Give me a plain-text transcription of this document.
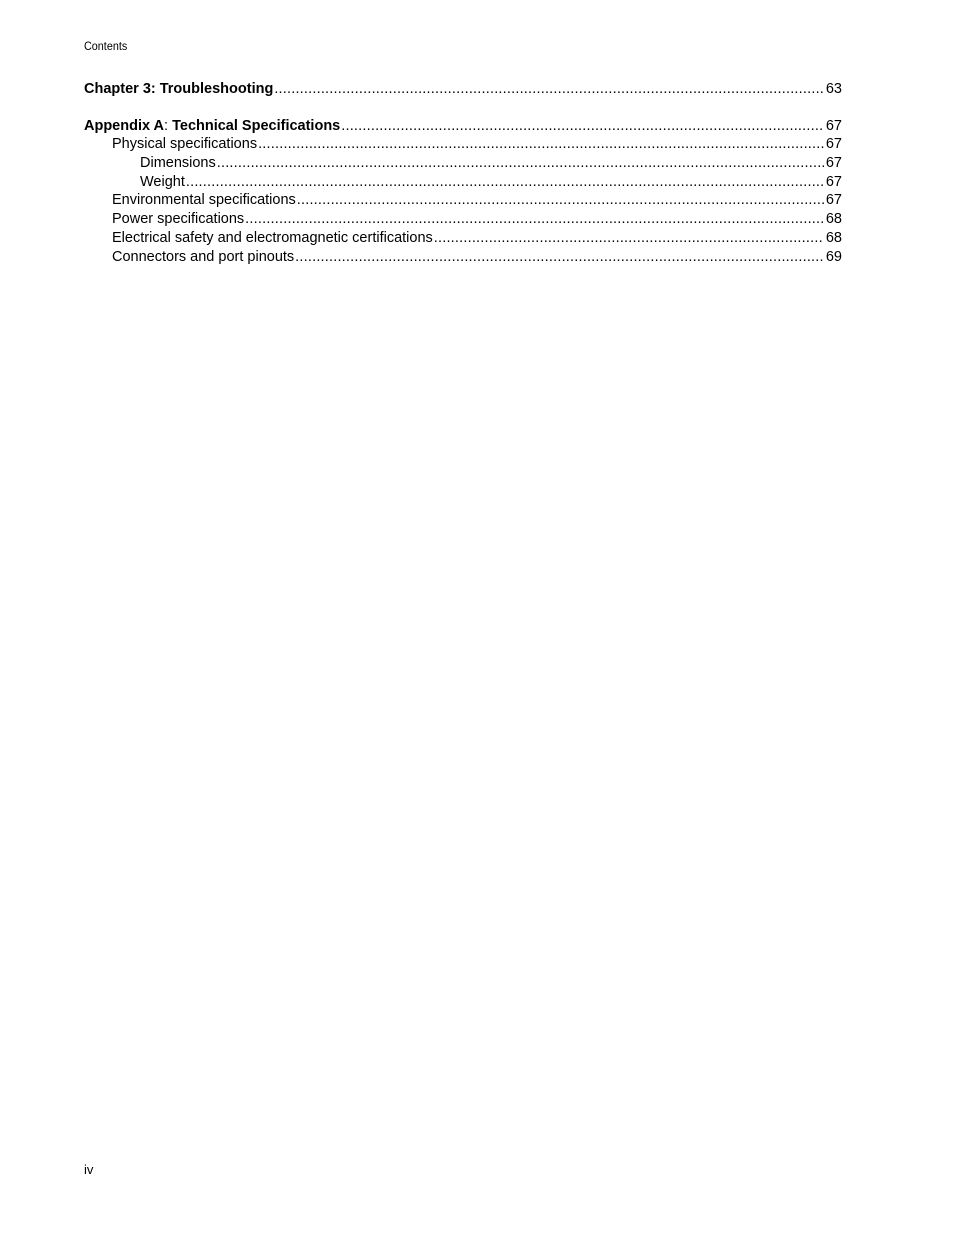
Contents
Chapter 3: Troubleshooting .....	63
Appendix A: Technical Specifications .....	67
Physical specifications .....	67
Dimensions .....	67
Weight .....	67
Environmental specifications .....	67
Power specifications .....	68
Electrical safety and electromagnetic certifications .....	68
Connectors and port pinouts .....	69
iv
